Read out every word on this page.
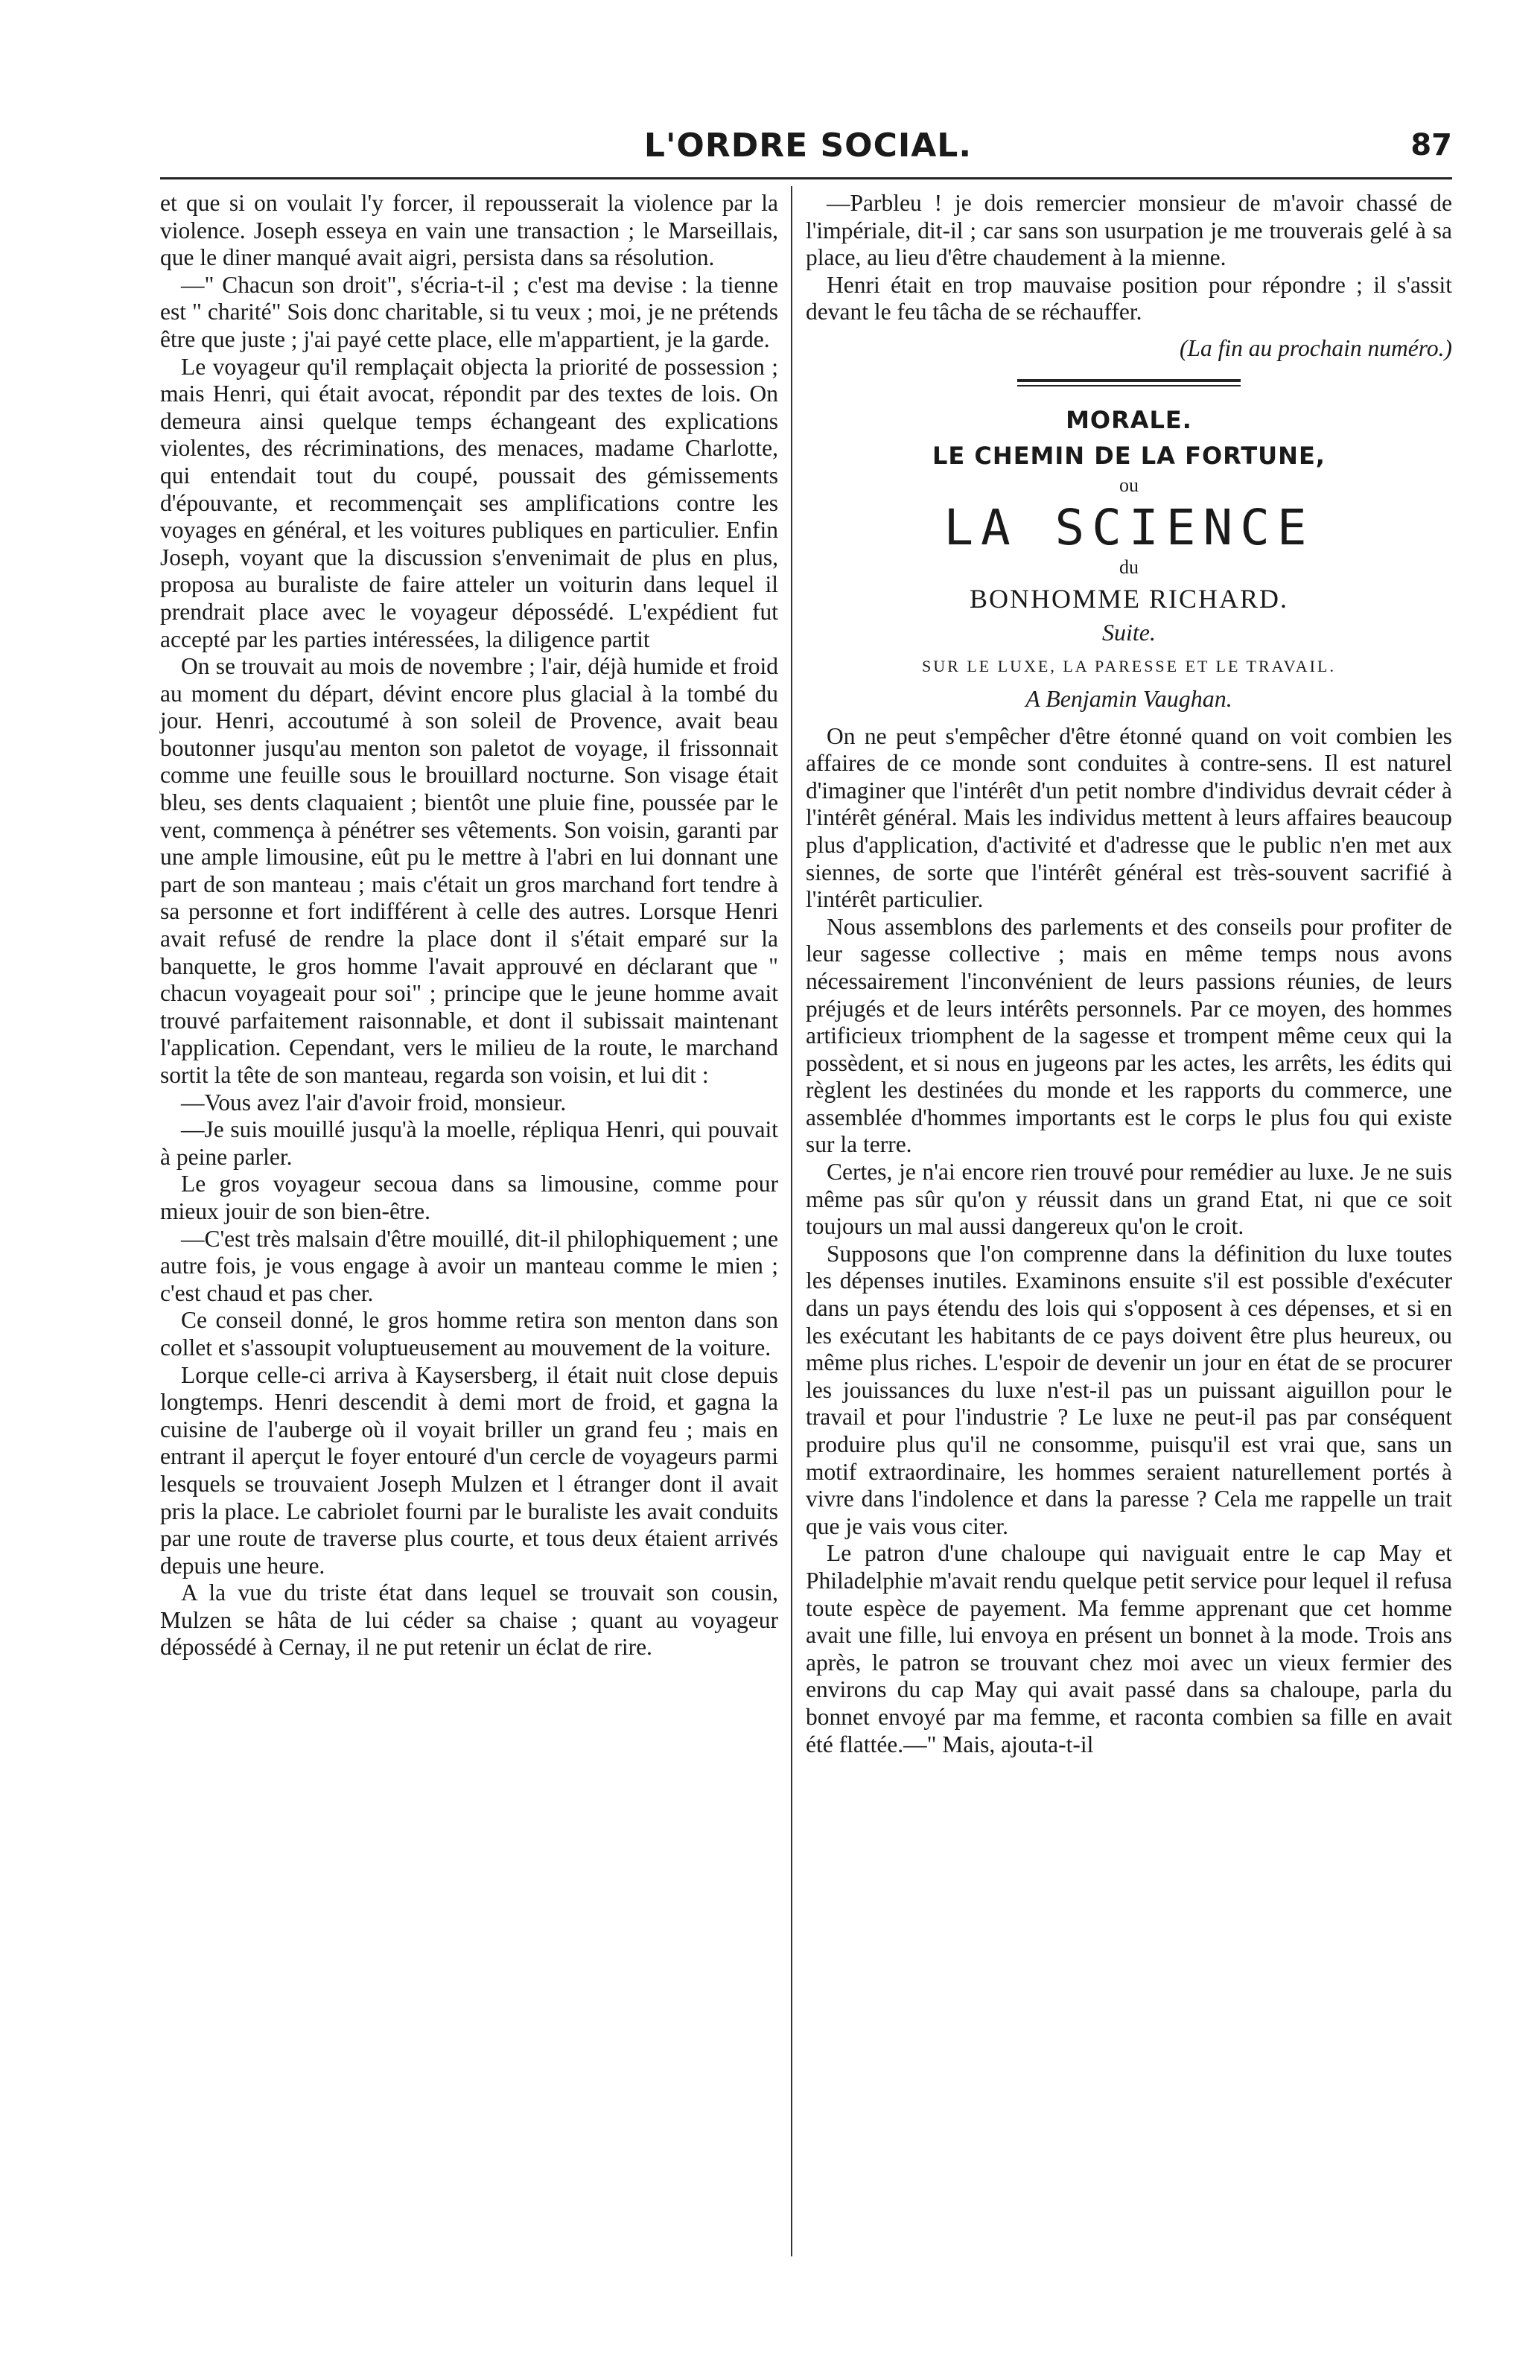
L'ORDRE SOCIAL.	87

et que si on voulait l'y forcer, il repousserait la violence par la violence. Joseph esseya en vain une transaction ; le Marseillais, que le diner manqué avait aigri, persista dans sa résolution.

—" Chacun son droit", s'écria-t-il ; c'est ma devise : la tienne est " charité" Sois donc charitable, si tu veux ; moi, je ne prétends être que juste ; j'ai payé cette place, elle m'appartient, je la garde.

Le voyageur qu'il remplaçait objecta la priorité de possession ; mais Henri, qui était avocat, répondit par des textes de lois. On demeura ainsi quelque temps échangeant des explications violentes, des récriminations, des menaces, madame Charlotte, qui entendait tout du coupé, poussait des gémissements d'épouvante, et recommençait ses amplifications contre les voyages en général, et les voitures publiques en particulier. Enfin Joseph, voyant que la discussion s'envenimait de plus en plus, proposa au buraliste de faire atteler un voiturin dans lequel il prendrait place avec le voyageur dépossédé. L'expédient fut accepté par les parties intéressées, la diligence partit

On se trouvait au mois de novembre ; l'air, déjà humide et froid au moment du départ, dévint encore plus glacial à la tombé du jour. Henri, accoutumé à son soleil de Provence, avait beau boutonner jusqu'au menton son paletot de voyage, il frissonnait comme une feuille sous le brouillard nocturne. Son visage était bleu, ses dents claquaient ; bientôt une pluie fine, poussée par le vent, commença à pénétrer ses vêtements. Son voisin, garanti par une ample limousine, eût pu le mettre à l'abri en lui donnant une part de son manteau ; mais c'était un gros marchand fort tendre à sa personne et fort indifférent à celle des autres. Lorsque Henri avait refusé de rendre la place dont il s'était emparé sur la banquette, le gros homme l'avait approuvé en déclarant que " chacun voyageait pour soi" ; principe que le jeune homme avait trouvé parfaitement raisonnable, et dont il subissait maintenant l'application. Cependant, vers le milieu de la route, le marchand sortit la tête de son manteau, regarda son voisin, et lui dit :

—Vous avez l'air d'avoir froid, monsieur.

—Je suis mouillé jusqu'à la moelle, répliqua Henri, qui pouvait à peine parler.

Le gros voyageur secoua dans sa limousine, comme pour mieux jouir de son bien-être.

—C'est très malsain d'être mouillé, dit-il philophiquement ; une autre fois, je vous engage à avoir un manteau comme le mien ; c'est chaud et pas cher.

Ce conseil donné, le gros homme retira son menton dans son collet et s'assoupit voluptueusement au mouvement de la voiture.

Lorque celle-ci arriva à Kaysersberg, il était nuit close depuis longtemps. Henri descendit à demi mort de froid, et gagna la cuisine de l'auberge où il voyait briller un grand feu ; mais en entrant il aperçut le foyer entouré d'un cercle de voyageurs parmi lesquels se trouvaient Joseph Mulzen et l étranger dont il avait pris la place. Le cabriolet fourni par le buraliste les avait conduits par une route de traverse plus courte, et tous deux étaient arrivés depuis une heure.

A la vue du triste état dans lequel se trouvait son cousin, Mulzen se hâta de lui céder sa chaise ; quant au voyageur dépossédé à Cernay, il ne put retenir un éclat de rire.

—Parbleu ! je dois remercier monsieur de m'avoir chassé de l'impériale, dit-il ; car sans son usurpation je me trouverais gelé à sa place, au lieu d'être chaudement à la mienne.

Henri était en trop mauvaise position pour répondre ; il s'assit devant le feu tâcha de se réchauffer.

(La fin au prochain numéro.)
MORALE.
LE CHEMIN DE LA FORTUNE,
ou
LA SCIENCE
du
BONHOMME RICHARD.
Suite.
SUR LE LUXE, LA PARESSE ET LE TRAVAIL.
A Benjamin Vaughan.

On ne peut s'empêcher d'être étonné quand on voit combien les affaires de ce monde sont conduites à contre-sens. Il est naturel d'imaginer que l'intérêt d'un petit nombre d'individus devrait céder à l'intérêt général. Mais les individus mettent à leurs affaires beaucoup plus d'application, d'activité et d'adresse que le public n'en met aux siennes, de sorte que l'intérêt général est très-souvent sacrifié à l'intérêt particulier.

Nous assemblons des parlements et des conseils pour profiter de leur sagesse collective ; mais en même temps nous avons nécessairement l'inconvénient de leurs passions réunies, de leurs préjugés et de leurs intérêts personnels. Par ce moyen, des hommes artificieux triomphent de la sagesse et trompent même ceux qui la possèdent, et si nous en jugeons par les actes, les arrêts, les édits qui règlent les destinées du monde et les rapports du commerce, une assemblée d'hommes importants est le corps le plus fou qui existe sur la terre.

Certes, je n'ai encore rien trouvé pour remédier au luxe. Je ne suis même pas sûr qu'on y réussit dans un grand Etat, ni que ce soit toujours un mal aussi dangereux qu'on le croit.

Supposons que l'on comprenne dans la définition du luxe toutes les dépenses inutiles. Examinons ensuite s'il est possible d'exécuter dans un pays étendu des lois qui s'opposent à ces dépenses, et si en les exécutant les habitants de ce pays doivent être plus heureux, ou même plus riches. L'espoir de devenir un jour en état de se procurer les jouissances du luxe n'est-il pas un puissant aiguillon pour le travail et pour l'industrie ? Le luxe ne peut-il pas par conséquent produire plus qu'il ne consomme, puisqu'il est vrai que, sans un motif extraordinaire, les hommes seraient naturellement portés à vivre dans l'indolence et dans la paresse ? Cela me rappelle un trait que je vais vous citer.

Le patron d'une chaloupe qui naviguait entre le cap May et Philadelphie m'avait rendu quelque petit service pour lequel il refusa toute espèce de payement. Ma femme apprenant que cet homme avait une fille, lui envoya en présent un bonnet à la mode. Trois ans après, le patron se trouvant chez moi avec un vieux fermier des environs du cap May qui avait passé dans sa chaloupe, parla du bonnet envoyé par ma femme, et raconta combien sa fille en avait été flattée.—" Mais, ajouta-t-il
